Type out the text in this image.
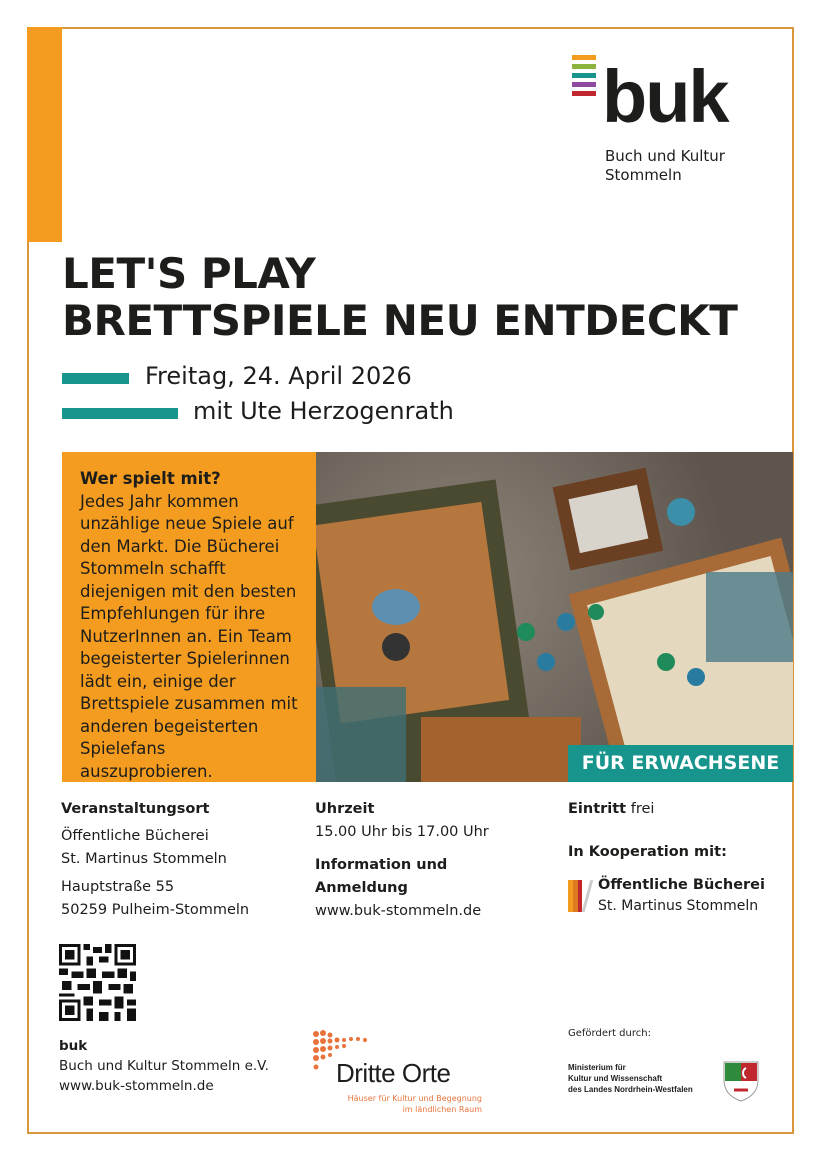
buk
Buch und Kultur
Stommeln
LET'S PLAY
BRETTSPIELE NEU ENTDECKT
Freitag, 24. April 2026
mit Ute Herzogenrath
Wer spielt mit?
Jedes Jahr kommen unzählige neue Spiele auf den Markt. Die Bücherei Stommeln schafft diejenigen mit den besten Empfehlungen für ihre NutzerInnen an. Ein Team begeisterter Spielerinnen lädt ein, einige der Brettspiele zusammen mit anderen begeisterten Spielefans auszuprobieren.	FÜR ERWACHSENE
Veranstaltungsort
Öffentliche Bücherei
St. Martinus Stommeln
Hauptstraße 55
50259 Pulheim-Stommeln
Uhrzeit
15.00 Uhr bis 17.00 Uhr
Information und
Anmeldung
www.buk-stommeln.de
Eintritt frei
In Kooperation mit:
Öffentliche Bücherei
St. Martinus Stommeln
buk
Buch und Kultur Stommeln e.V.
www.buk-stommeln.de	Dritte Orte
Häuser für Kultur und Begegnung
im ländlichen Raum
Gefördert durch:
Ministerium für
Kultur und Wissenschaft
des Landes Nordrhein-Westfalen
